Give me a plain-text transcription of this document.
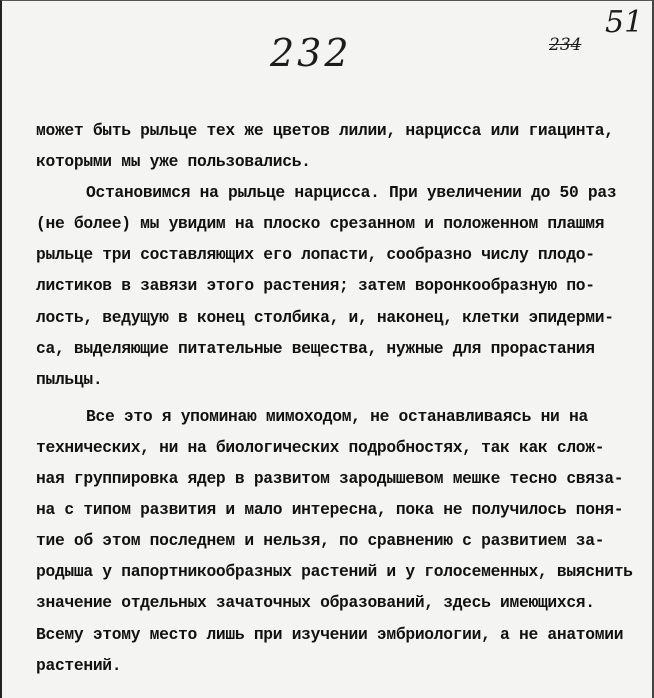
232
51
234
может быть рыльце тех же цветов лилии, нарцисса или гиацинта,
которыми мы уже пользовались.
Остановимся на рыльце нарцисса. При увеличении до 50 раз
(не более) мы увидим на плоско срезанном и положенном плашмя
рыльце три составляющих его лопасти, сообразно числу плодо-
листиков в завязи этого растения; затем воронкообразную по-
лость, ведущую в конец столбика, и, наконец, клетки эпидерми-
са, выделяющие питательные вещества, нужные для прорастания
пыльцы.
Все это я упоминаю мимоходом, не останавливаясь ни на
технических, ни на биологических подробностях, так как слож-
ная группировка ядер в развитом зародышевом мешке тесно связа-
на с типом развития и мало интересна, пока не получилось поня-
тие об этом последнем и нельзя, по сравнению с развитием за-
родыша у папортникообразных растений и у голосеменных, выяснить
значение отдельных зачаточных образований, здесь имеющихся.
Всему этому место лишь при изучении эмбриологии, а не анатомии
растений.
